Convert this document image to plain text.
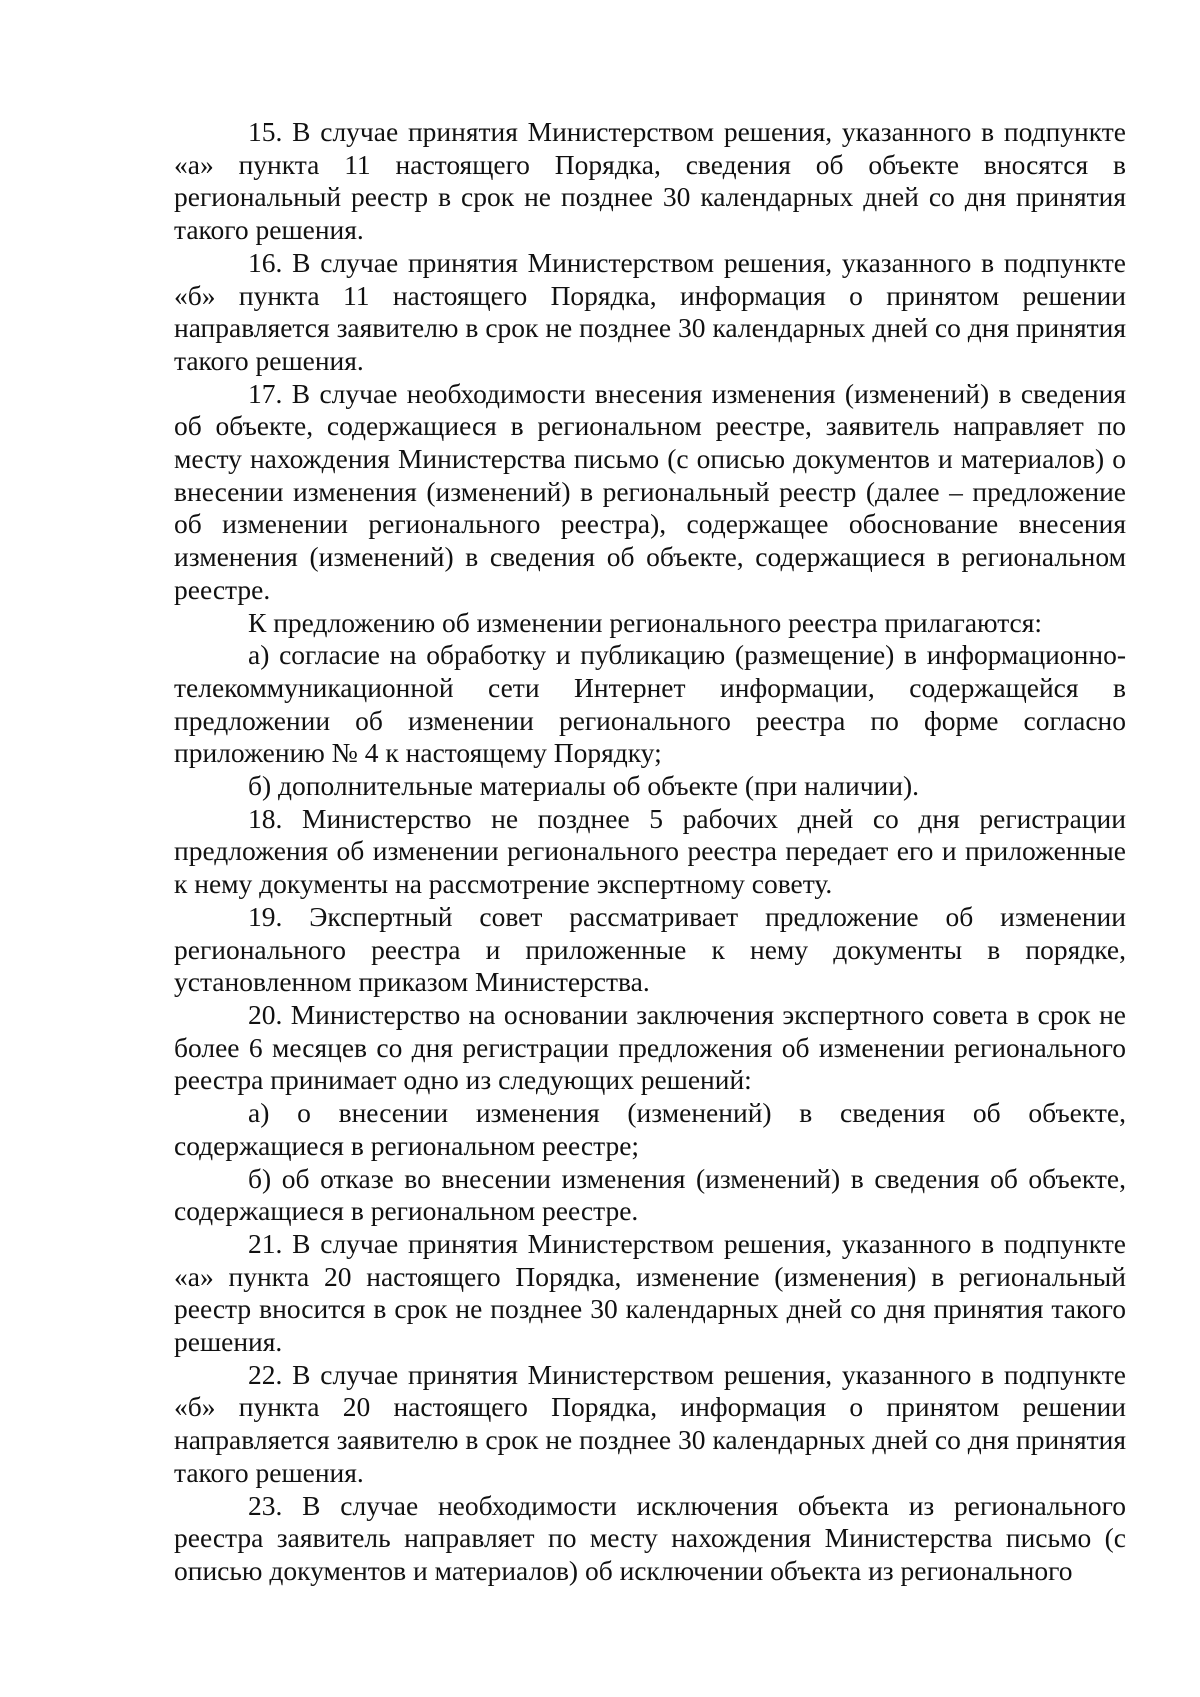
15. В случае принятия Министерством решения, указанного в подпункте «а» пункта 11 настоящего Порядка, сведения об объекте вносятся в региональный реестр в срок не позднее 30 календарных дней со дня принятия такого решения.

16. В случае принятия Министерством решения, указанного в подпункте «б» пункта 11 настоящего Порядка, информация о принятом решении направляется заявителю в срок не позднее 30 календарных дней со дня принятия такого решения.

17. В случае необходимости внесения изменения (изменений) в сведения об объекте, содержащиеся в региональном реестре, заявитель направляет по месту нахождения Министерства письмо (с описью документов и материалов) о внесении изменения (изменений) в региональный реестр (далее – предложение об изменении регионального реестра), содержащее обоснование внесения изменения (изменений) в сведения об объекте, содержащиеся в региональном реестре.

К предложению об изменении регионального реестра прилагаются:

а) согласие на обработку и публикацию (размещение) в информационно-телекоммуникационной сети Интернет информации, содержащейся в предложении об изменении регионального реестра по форме согласно приложению № 4 к настоящему Порядку;

б) дополнительные материалы об объекте (при наличии).

18. Министерство не позднее 5 рабочих дней со дня регистрации предложения об изменении регионального реестра передает его и приложенные к нему документы на рассмотрение экспертному совету.

19. Экспертный совет рассматривает предложение об изменении регионального реестра и приложенные к нему документы в порядке, установленном приказом Министерства.

20. Министерство на основании заключения экспертного совета в срок не более 6 месяцев со дня регистрации предложения об изменении регионального реестра принимает одно из следующих решений:

а) о внесении изменения (изменений) в сведения об объекте, содержащиеся в региональном реестре;

б) об отказе во внесении изменения (изменений) в сведения об объекте, содержащиеся в региональном реестре.

21. В случае принятия Министерством решения, указанного в подпункте «а» пункта 20 настоящего Порядка, изменение (изменения) в региональный реестр вносится в срок не позднее 30 календарных дней со дня принятия такого решения.

22. В случае принятия Министерством решения, указанного в подпункте «б» пункта 20 настоящего Порядка, информация о принятом решении направляется заявителю в срок не позднее 30 календарных дней со дня принятия такого решения.

23. В случае необходимости исключения объекта из регионального реестра заявитель направляет по месту нахождения Министерства письмо (с описью документов и материалов) об исключении объекта из регионального
